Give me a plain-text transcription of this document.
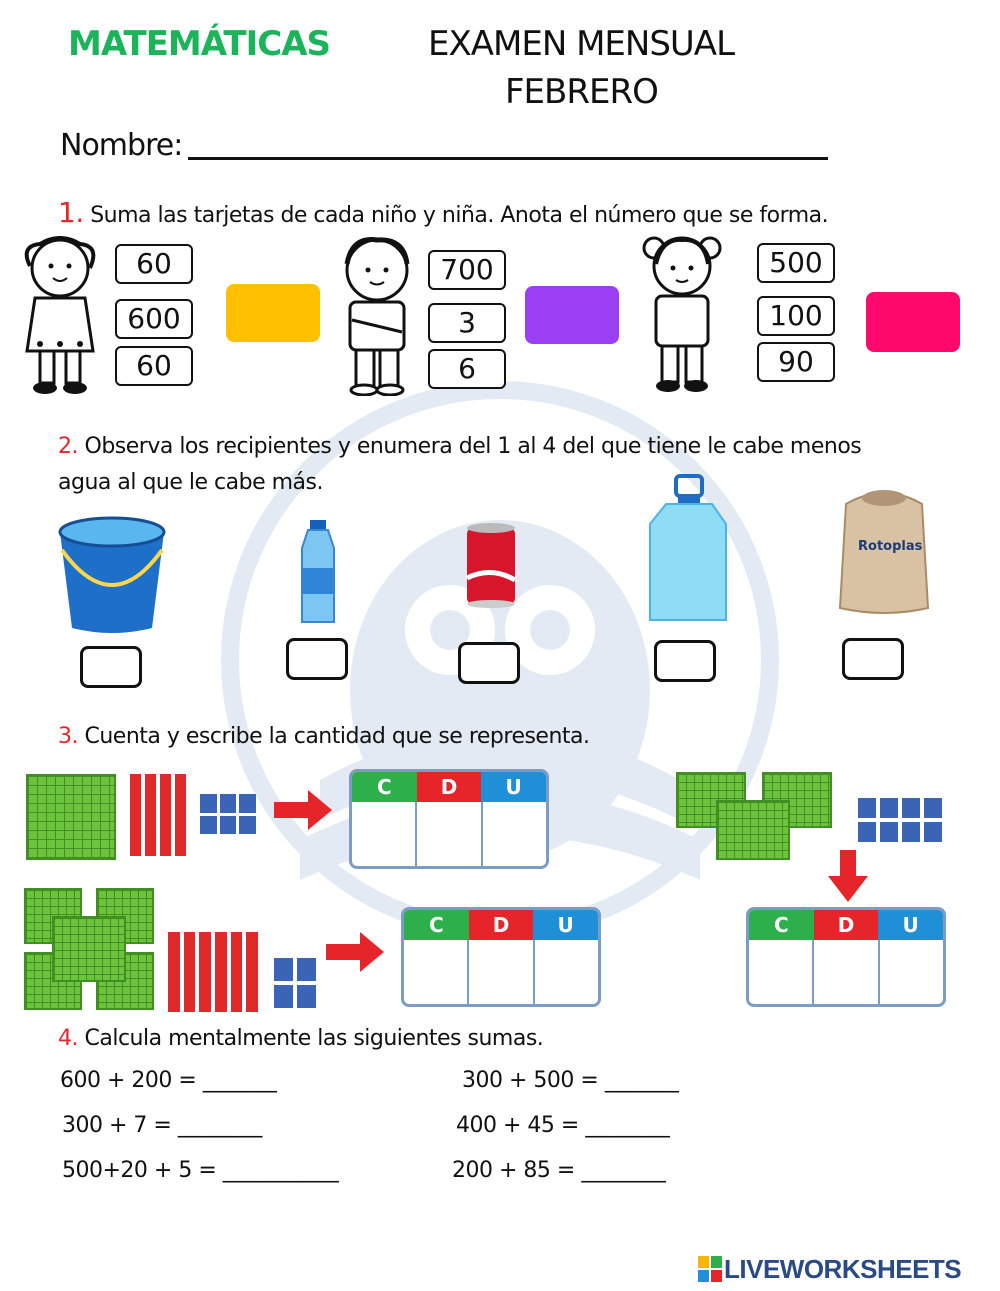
MATEMÁTICAS	EXAMEN MENSUAL
FEBRERO
Nombre:
1. Suma las tarjetas de cada niño y niña. Anota el número que se forma.
60
600
60
700
3
6
500
100
90
2. Observa los recipientes y enumera del 1 al 4 del que tiene le cabe menos
agua al que le cabe más.
Rotoplas
3. Cuenta y escribe la cantidad que se representa.
C	D	U
C	D	U
C	D	U
4. Calcula mentalmente las siguientes sumas.
600 + 200 = _______
300 + 7 = ________
500+20 + 5 = ___________
300 + 500 = _______
400 + 45 = ________
200 + 85 = ________
LIVEWORKSHEETS
